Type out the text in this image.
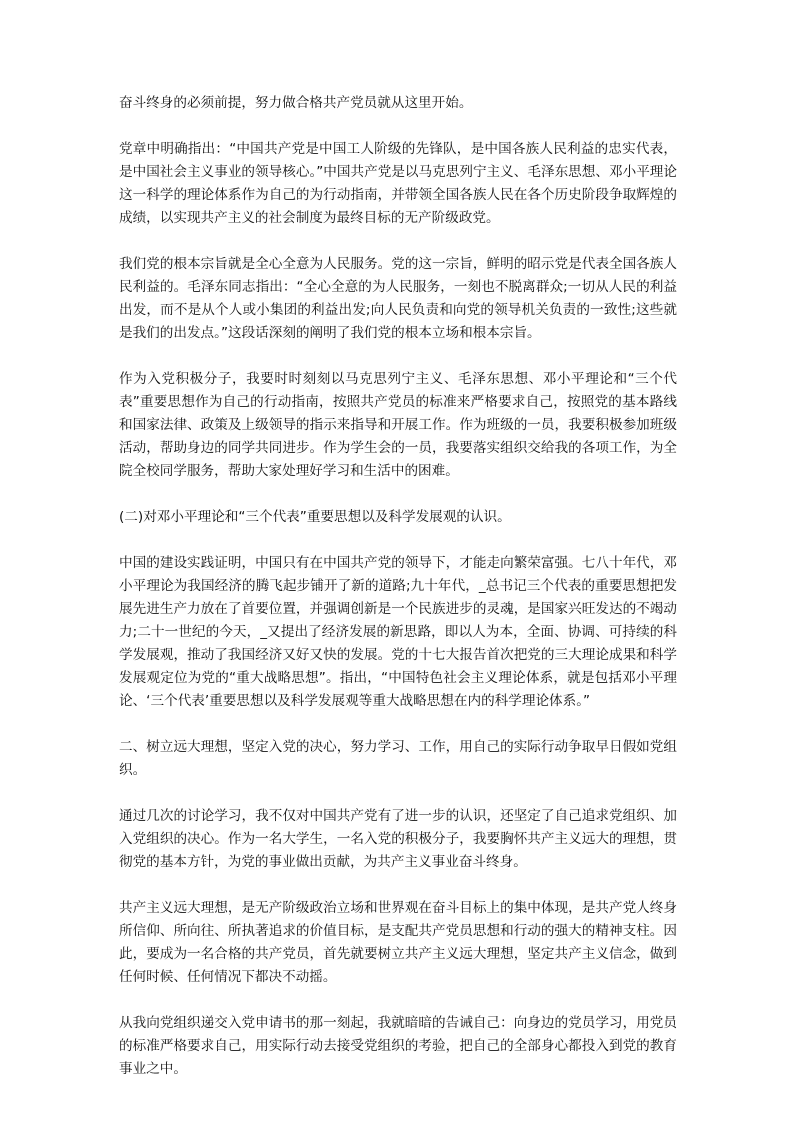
奋斗终身的必须前提，努力做合格共产党员就从这里开始。

党章中明确指出：“中国共产党是中国工人阶级的先锋队，是中国各族人民利益的忠实代表，是中国社会主义事业的领导核心。”中国共产党是以马克思列宁主义、毛泽东思想、邓小平理论这一科学的理论体系作为自己的为行动指南，并带领全国各族人民在各个历史阶段争取辉煌的成绩，以实现共产主义的社会制度为最终目标的无产阶级政党。

我们党的根本宗旨就是全心全意为人民服务。党的这一宗旨，鲜明的昭示党是代表全国各族人民利益的。毛泽东同志指出：“全心全意的为人民服务，一刻也不脱离群众;一切从人民的利益出发，而不是从个人或小集团的利益出发;向人民负责和向党的领导机关负责的一致性;这些就是我们的出发点。”这段话深刻的阐明了我们党的根本立场和根本宗旨。

作为入党积极分子，我要时时刻刻以马克思列宁主义、毛泽东思想、邓小平理论和“三个代表”重要思想作为自己的行动指南，按照共产党员的标准来严格要求自己，按照党的基本路线和国家法律、政策及上级领导的指示来指导和开展工作。作为班级的一员，我要积极参加班级活动，帮助身边的同学共同进步。作为学生会的一员，我要落实组织交给我的各项工作，为全院全校同学服务，帮助大家处理好学习和生活中的困难。

(二)对邓小平理论和“三个代表”重要思想以及科学发展观的认识。

中国的建设实践证明，中国只有在中国共产党的领导下，才能走向繁荣富强。七八十年代，邓小平理论为我国经济的腾飞起步铺开了新的道路;九十年代，_总书记三个代表的重要思想把发展先进生产力放在了首要位置，并强调创新是一个民族进步的灵魂，是国家兴旺发达的不竭动力;二十一世纪的今天，_又提出了经济发展的新思路，即以人为本，全面、协调、可持续的科学发展观，推动了我国经济又好又快的发展。党的十七大报告首次把党的三大理论成果和科学发展观定位为党的“重大战略思想”。指出，“中国特色社会主义理论体系，就是包括邓小平理论、‘三个代表’重要思想以及科学发展观等重大战略思想在内的科学理论体系。”

二、树立远大理想，坚定入党的决心，努力学习、工作，用自己的实际行动争取早日假如党组织。

通过几次的讨论学习，我不仅对中国共产党有了进一步的认识，还坚定了自己追求党组织、加入党组织的决心。作为一名大学生，一名入党的积极分子，我要胸怀共产主义远大的理想，贯彻党的基本方针，为党的事业做出贡献，为共产主义事业奋斗终身。

共产主义远大理想，是无产阶级政治立场和世界观在奋斗目标上的集中体现，是共产党人终身所信仰、所向往、所执著追求的价值目标，是支配共产党员思想和行动的强大的精神支柱。因此，要成为一名合格的共产党员，首先就要树立共产主义远大理想，坚定共产主义信念，做到任何时候、任何情况下都决不动摇。

从我向党组织递交入党申请书的那一刻起，我就暗暗的告诫自己：向身边的党员学习，用党员的标准严格要求自己，用实际行动去接受党组织的考验，把自己的全部身心都投入到党的教育事业之中。
